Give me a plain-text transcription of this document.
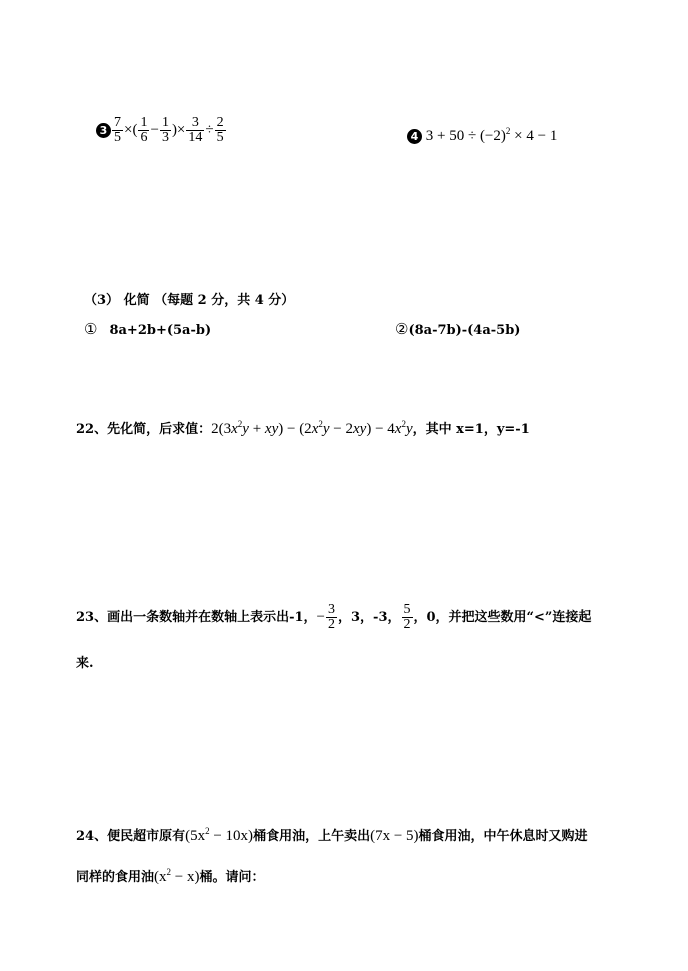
$3 \frac{7}{5}$ ×( $\frac{1}{6} - \frac{1}{3}$ )× $\frac{3}{14} \div \frac{2}{5}$	4 $3 + 50 \div (-2)^2 \times 4 - 1$
（3） 化简 （每题 2 分，共 4 分）
① 8a+2b+(5a-b)	②(8a-7b)-(4a-5b)
22、先化简，后求值：$2(3x^2y + xy) - (2x^2y - 2xy) - 4x^2y$，其中 x=1，y=-1
23、画出一条数轴并在数轴上表示出-1，− $\frac{3}{2}$ ，3，-3， $\frac{5}{2}$ ，0，并把这些数用“<”连接起
来.
24、便民超市原有$(5x^2 - 10x)$桶食用油，上午卖出(7x − 5)桶食用油，中午休息时又购进
同样的食用油$(x^2 - x)$桶。请问：
